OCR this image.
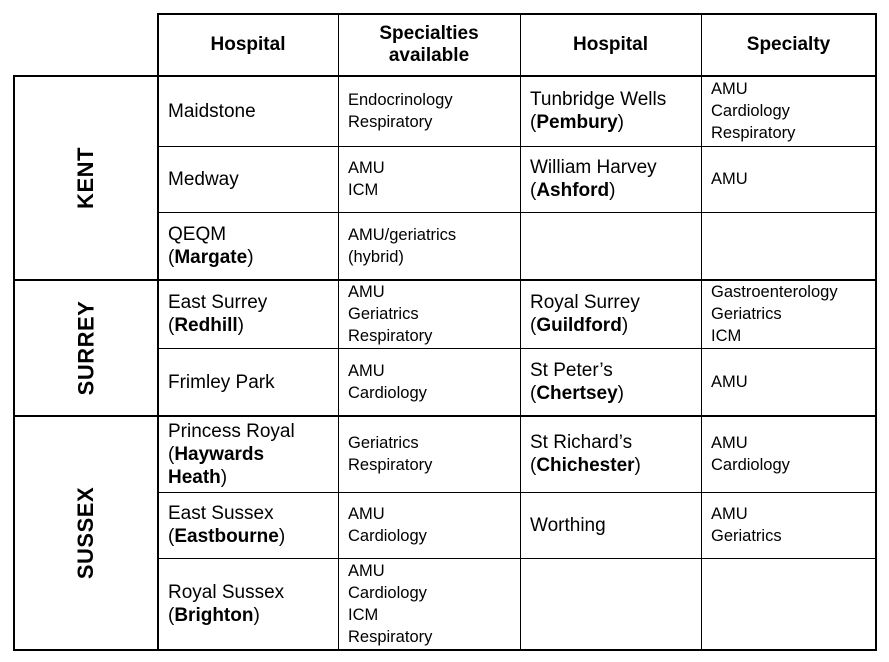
Hospital
Specialties available
Hospital	Specialty
KENT
SURREY
SUSSEX
Maidstone
Endocrinology
Respiratory
Tunbridge Wells
(Pembury)
AMU
Cardiology
Respiratory
Medway
AMU
ICM
William Harvey
(Ashford)
AMU
QEQM
(Margate)
AMU/geriatrics
(hybrid)
East Surrey
(Redhill)
AMU
Geriatrics
Respiratory
Royal Surrey
(Guildford)
Gastroenterology
Geriatrics
ICM
Frimley Park
AMU
Cardiology
St Peter’s
(Chertsey)
AMU
Princess Royal
(Haywards
Heath)
Geriatrics
Respiratory
St Richard’s
(Chichester)
AMU
Cardiology
East Sussex
(Eastbourne)
AMU
Cardiology
Worthing
AMU
Geriatrics
Royal Sussex
(Brighton)
AMU
Cardiology
ICM
Respiratory
